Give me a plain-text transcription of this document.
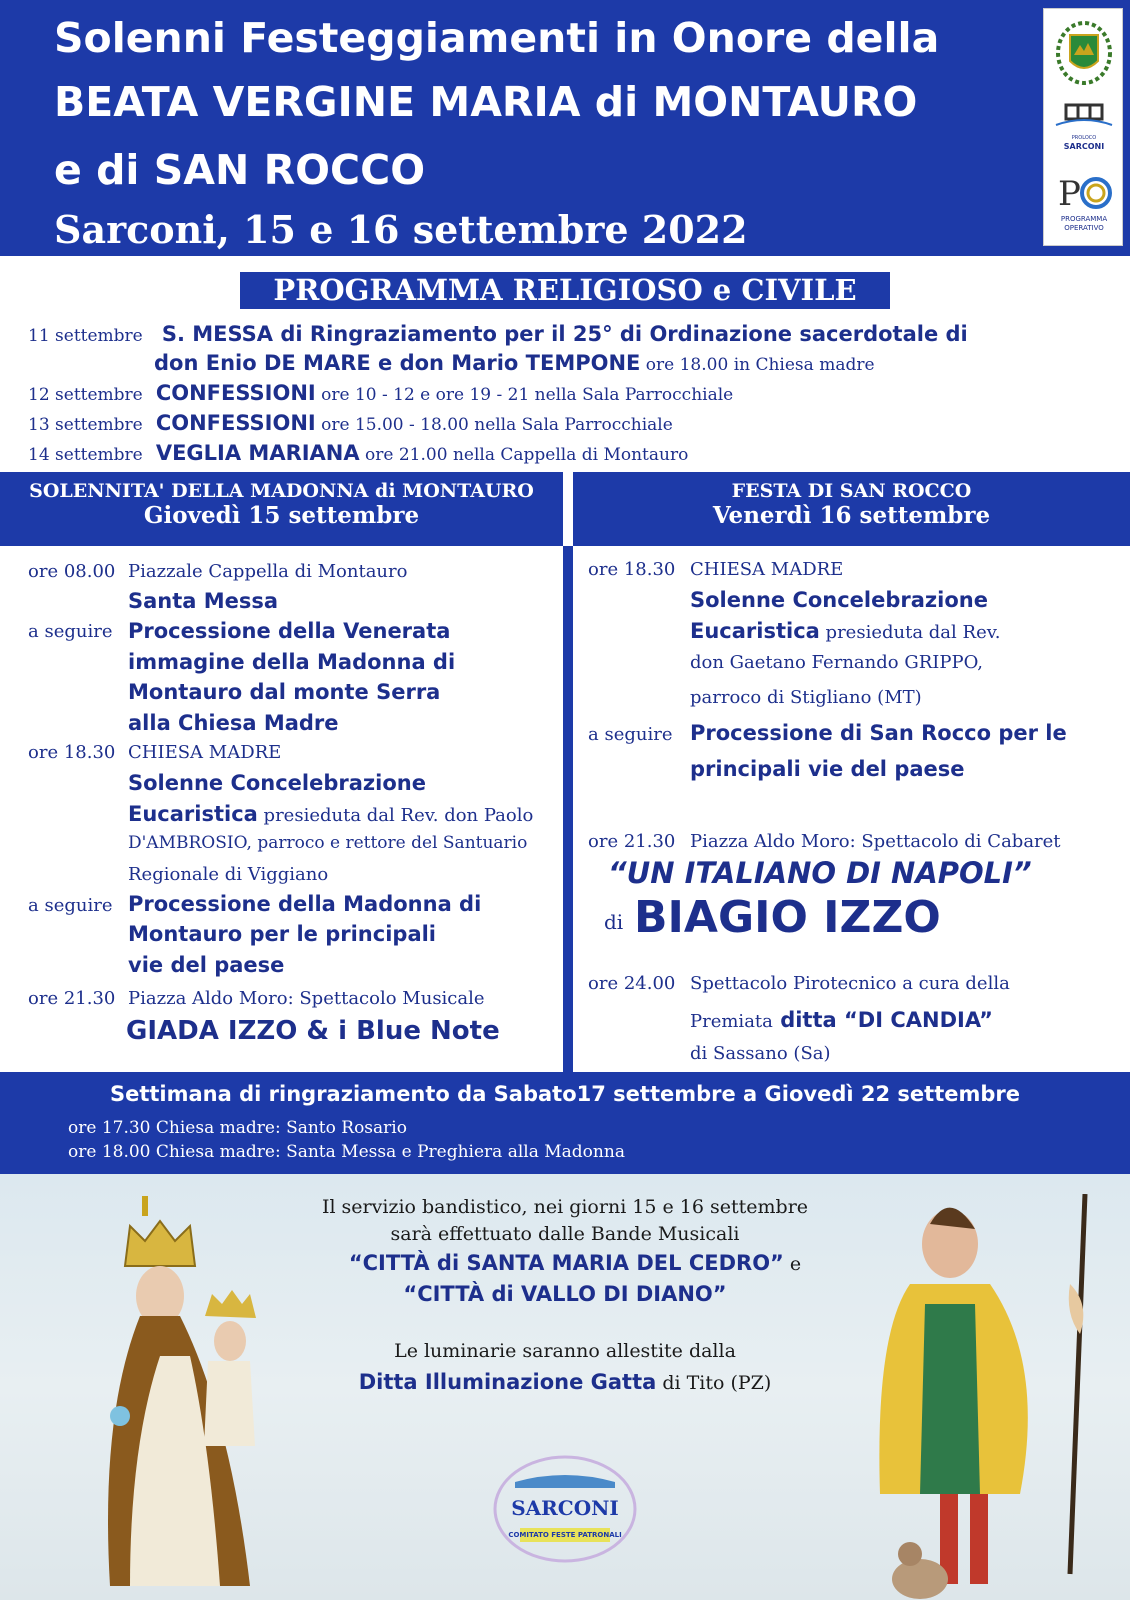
Solenni Festeggiamenti in Onore della
BEATA VERGINE MARIA di MONTAURO
e di SAN ROCCO
Sarconi, 15 e 16 settembre 2022
PROLOCO
SARCONI
P
PROGRAMMA
OPERATIVO
PROGRAMMA RELIGIOSO e CIVILE
11 settembre S. MESSA di Ringraziamento per il 25° di Ordinazione sacerdotale di
don Enio DE MARE e don Mario TEMPONE ore 18.00 in Chiesa madre
12 settembre CONFESSIONI ore 10 - 12 e ore 19 - 21 nella Sala Parrocchiale
13 settembre CONFESSIONI ore 15.00 - 18.00 nella Sala Parrocchiale
14 settembre VEGLIA MARIANA ore 21.00 nella Cappella di Montauro
SOLENNITA' DELLA MADONNA di MONTAURO
Giovedì 15 settembre
FESTA DI SAN ROCCO
Venerdì 16 settembre
ore 08.00 Piazzale Cappella di Montauro
Santa Messa
a seguire Processione della Venerata
immagine della Madonna di
Montauro dal monte Serra
alla Chiesa Madre
ore 18.30 CHIESA MADRE
Solenne Concelebrazione
Eucaristica presieduta dal Rev. don Paolo
D'AMBROSIO, parroco e rettore del Santuario
Regionale di Viggiano
a seguire Processione della Madonna di
Montauro per le principali
vie del paese
ore 21.30 Piazza Aldo Moro: Spettacolo Musicale
GIADA IZZO & i Blue Note
ore 18.30 CHIESA MADRE
Solenne Concelebrazione
Eucaristica presieduta dal Rev.
don Gaetano Fernando GRIPPO,
parroco di Stigliano (MT)
a seguire Processione di San Rocco per le
principali vie del paese
ore 21.30 Piazza Aldo Moro: Spettacolo di Cabaret
“UN ITALIANO DI NAPOLI”
di BIAGIO IZZO
ore 24.00 Spettacolo Pirotecnico a cura della
Premiata ditta “DI CANDIA”
di Sassano (Sa)
Settimana di ringraziamento da Sabato17 settembre a Giovedì 22 settembre
ore 17.30 Chiesa madre: Santo Rosario
ore 18.00 Chiesa madre: Santa Messa e Preghiera alla Madonna
Il servizio bandistico, nei giorni 15 e 16 settembre
sarà effettuato dalle Bande Musicali
“CITTÀ di SANTA MARIA DEL CEDRO” e
“CITTÀ di VALLO DI DIANO”
Le luminarie saranno allestite dalla
Ditta Illuminazione Gatta di Tito (PZ)
SARCONI
COMITATO FESTE PATRONALI
